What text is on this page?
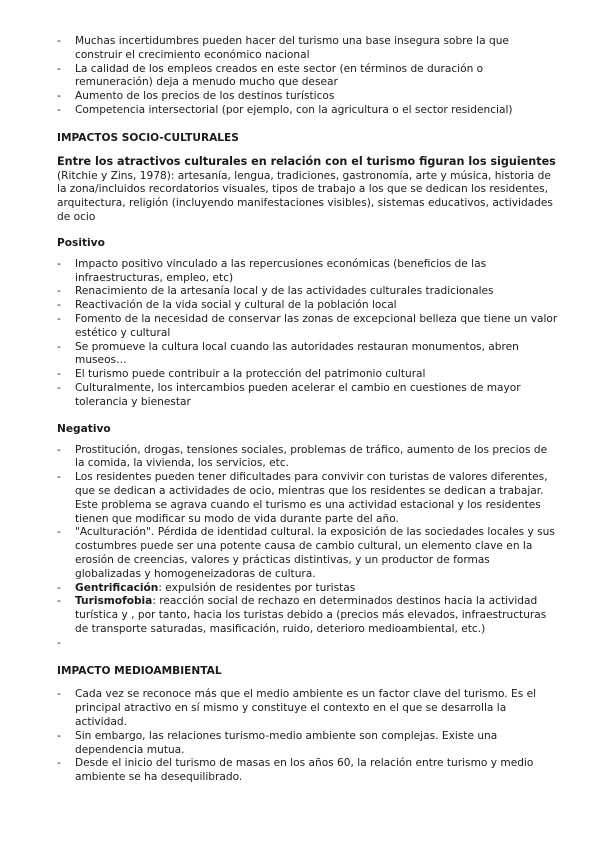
- Muchas incertidumbres pueden hacer del turismo una base insegura sobre la que construir el crecimiento económico nacional
- La calidad de los empleos creados en este sector (en términos de duración o remuneración) deja a menudo mucho que desear
- Aumento de los precios de los destinos turísticos
- Competencia intersectorial (por ejemplo, con la agricultura o el sector residencial)

IMPACTOS SOCIO-CULTURALES

Entre los atractivos culturales en relación con el turismo figuran los siguientes
(Ritchie y Zins, 1978): artesanía, lengua, tradiciones, gastronomía, arte y música, historia de la zona/incluidos recordatorios visuales, tipos de trabajo a los que se dedican los residentes, arquitectura, religión (incluyendo manifestaciones visibles), sistemas educativos, actividades de ocio

Positivo

- Impacto positivo vinculado a las repercusiones económicas (beneficios de las infraestructuras, empleo, etc)
- Renacimiento de la artesanía local y de las actividades culturales tradicionales
- Reactivación de la vida social y cultural de la población local
- Fomento de la necesidad de conservar las zonas de excepcional belleza que tiene un valor estético y cultural
- Se promueve la cultura local cuando las autoridades restauran monumentos, abren museos…
- El turismo puede contribuir a la protección del patrimonio cultural
- Culturalmente, los intercambios pueden acelerar el cambio en cuestiones de mayor tolerancia y bienestar

Negativo

- Prostitución, drogas, tensiones sociales, problemas de tráfico, aumento de los precios de la comida, la vivienda, los servicios, etc.
- Los residentes pueden tener dificultades para convivir con turistas de valores diferentes, que se dedican a actividades de ocio, mientras que los residentes se dedican a trabajar. Este problema se agrava cuando el turismo es una actividad estacional y los residentes tienen que modificar su modo de vida durante parte del año.
- "Aculturación". Pérdida de identidad cultural. la exposición de las sociedades locales y sus costumbres puede ser una potente causa de cambio cultural, un elemento clave en la erosión de creencias, valores y prácticas distintivas, y un productor de formas globalizadas y homogeneizadoras de cultura.
- Gentrificación: expulsión de residentes por turistas
- Turismofobia: reacción social de rechazo en determinados destinos hacia la actividad turística y , por tanto, hacia los turistas debido a (precios más elevados, infraestructuras de transporte saturadas, masificación, ruido, deterioro medioambiental, etc.)
-

IMPACTO MEDIOAMBIENTAL

- Cada vez se reconoce más que el medio ambiente es un factor clave del turismo. Es el principal atractivo en sí mismo y constituye el contexto en el que se desarrolla la actividad.
- Sin embargo, las relaciones turismo-medio ambiente son complejas. Existe una dependencia mutua.
- Desde el inicio del turismo de masas en los años 60, la relación entre turismo y medio ambiente se ha desequilibrado.
